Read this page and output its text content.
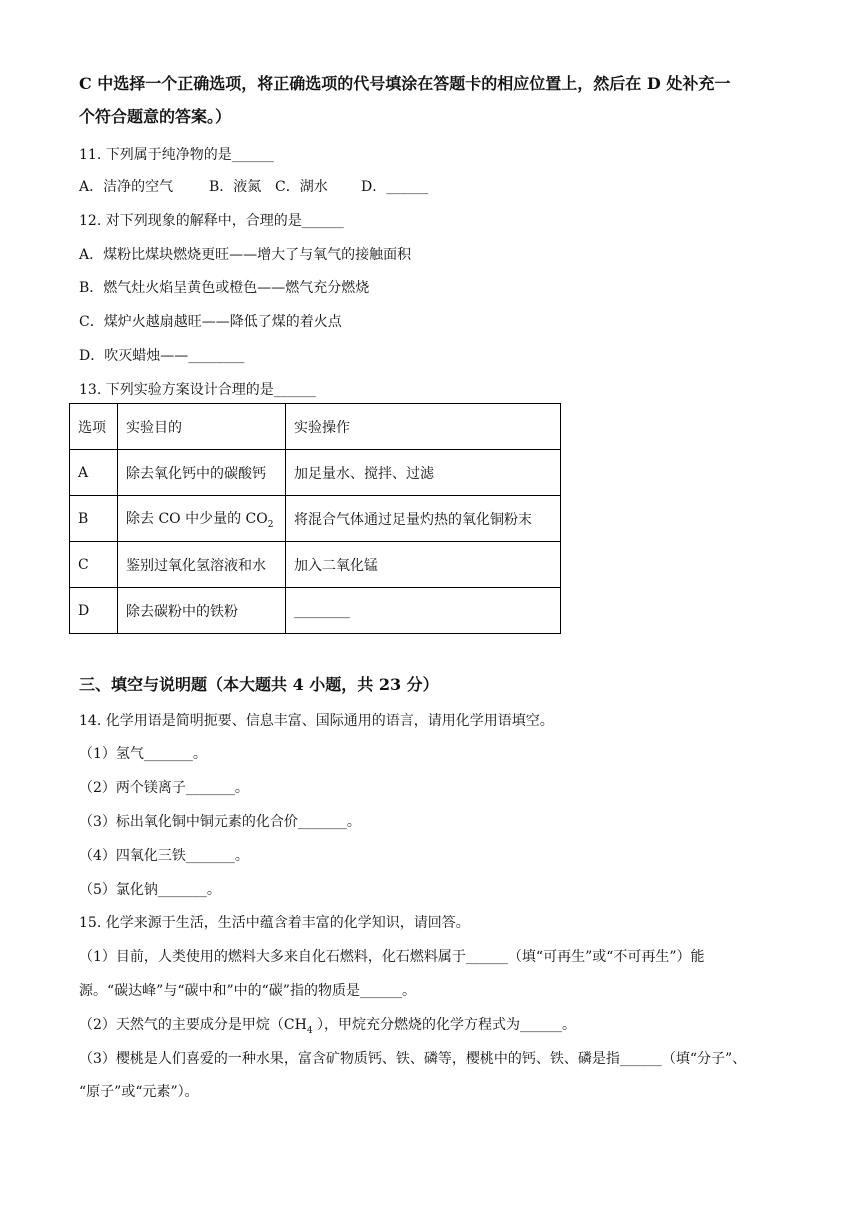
C 中选择一个正确选项，将正确选项的代号填涂在答题卡的相应位置上，然后在 D 处补充一
个符合题意的答案。）
11. 下列属于纯净物的是______
A．洁净的空气	B．液氮 C．湖水 D．______
12. 对下列现象的解释中，合理的是______
A．煤粉比煤块燃烧更旺——增大了与氧气的接触面积
B．燃气灶火焰呈黄色或橙色——燃气充分燃烧
C．煤炉火越扇越旺——降低了煤的着火点
D．吹灭蜡烛——________
13. 下列实验方案设计合理的是______
选项	实验目的	实验操作
A	除去氧化钙中的碳酸钙	加足量水、搅拌、过滤
B	除去 CO 中少量的 $CO_2$	将混合气体通过足量灼热的氧化铜粉末
C	鉴别过氧化氢溶液和水	加入二氧化锰
D	除去碳粉中的铁粉	________
三、填空与说明题（本大题共 4 小题，共 23 分）
14. 化学用语是简明扼要、信息丰富、国际通用的语言，请用化学用语填空。
（1）氢气_______。
（2）两个镁离子_______。
（3）标出氧化铜中铜元素的化合价_______。
（4）四氧化三铁_______。
（5）氯化钠_______。
15. 化学来源于生活，生活中蕴含着丰富的化学知识，请回答。
（1）目前，人类使用的燃料大多来自化石燃料，化石燃料属于______（填“可再生”或“不可再生”）能
源。“碳达峰”与“碳中和”中的“碳”指的物质是______。
（2）天然气的主要成分是甲烷（$CH_4$ ），甲烷充分燃烧的化学方程式为______。
（3）樱桃是人们喜爱的一种水果，富含矿物质钙、铁、磷等，樱桃中的钙、铁、磷是指______（填“分子”、
“原子”或“元素”）。
